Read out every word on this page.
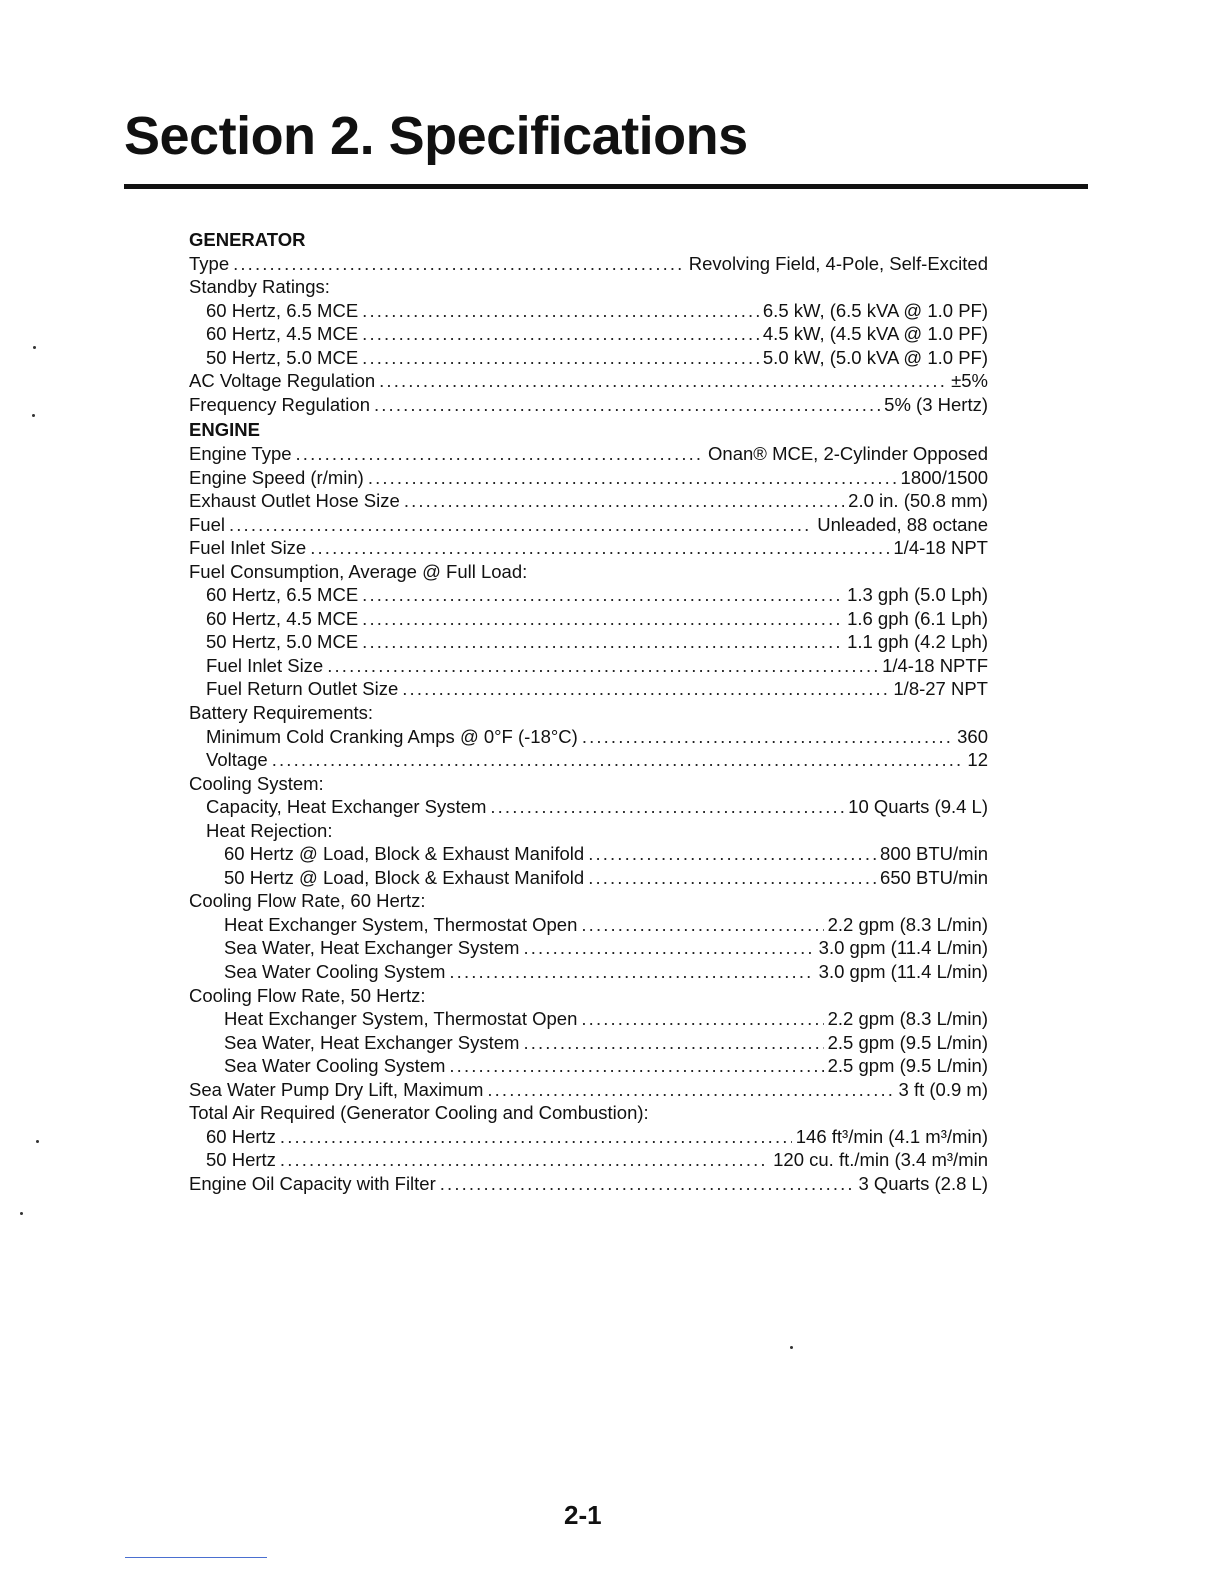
Section 2. Specifications
GENERATOR
Type . . .	Revolving Field, 4-Pole, Self-Excited
Standby Ratings:
60 Hertz, 6.5 MCE . . .	6.5 kW, (6.5 kVA @ 1.0 PF)
60 Hertz, 4.5 MCE . . .	4.5 kW, (4.5 kVA @ 1.0 PF)
50 Hertz, 5.0 MCE . . .	5.0 kW, (5.0 kVA @ 1.0 PF)
AC Voltage Regulation . . .	±5%
Frequency Regulation . . .	5% (3 Hertz)
ENGINE
Engine Type . . .	Onan® MCE, 2-Cylinder Opposed
Engine Speed (r/min) . . .	1800/1500
Exhaust Outlet Hose Size . . .	2.0 in. (50.8 mm)
Fuel . . .	Unleaded, 88 octane
Fuel Inlet Size . . .	1/4-18 NPT
Fuel Consumption, Average @ Full Load:
60 Hertz, 6.5 MCE . . .	1.3 gph (5.0 Lph)
60 Hertz, 4.5 MCE . . .	1.6 gph (6.1 Lph)
50 Hertz, 5.0 MCE . . .	1.1 gph (4.2 Lph)
Fuel Inlet Size . . .	1/4-18 NPTF
Fuel Return Outlet Size . . .	1/8-27 NPT
Battery Requirements:
Minimum Cold Cranking Amps @ 0°F (-18°C) . . .	360
Voltage . . .	12
Cooling System:
Capacity, Heat Exchanger System . . .	10 Quarts (9.4 L)
Heat Rejection:
60 Hertz @ Load, Block & Exhaust Manifold . . .	800 BTU/min
50 Hertz @ Load, Block & Exhaust Manifold . . .	650 BTU/min
Cooling Flow Rate, 60 Hertz:
Heat Exchanger System, Thermostat Open . . .	2.2 gpm (8.3 L/min)
Sea Water, Heat Exchanger System . . .	3.0 gpm (11.4 L/min)
Sea Water Cooling System . . .	3.0 gpm (11.4 L/min)
Cooling Flow Rate, 50 Hertz:
Heat Exchanger System, Thermostat Open . . .	2.2 gpm (8.3 L/min)
Sea Water, Heat Exchanger System . . .	2.5 gpm (9.5 L/min)
Sea Water Cooling System . . .	2.5 gpm (9.5 L/min)
Sea Water Pump Dry Lift, Maximum . . .	3 ft (0.9 m)
Total Air Required (Generator Cooling and Combustion):
60 Hertz . . .	146 ft³/min (4.1 m³/min)
50 Hertz . . .	120 cu. ft./min (3.4 m³/min
Engine Oil Capacity with Filter . . .	3 Quarts (2.8 L)
2-1
